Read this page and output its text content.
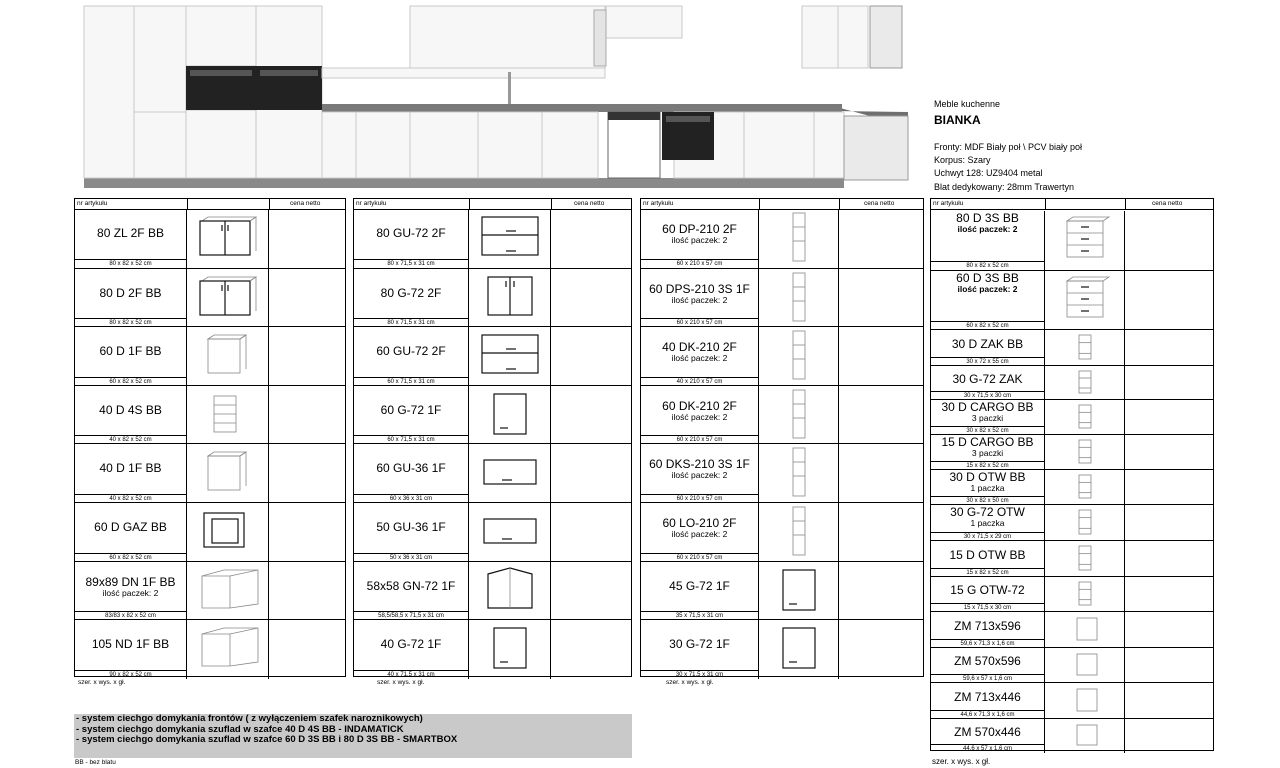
Meble kuchenne
BIANKA
Fronty: MDF Biały poł \ PCV biały poł
Korpus: Szary
Uchwyt 128: UZ9404 metal
Blat dedykowany: 28mm Trawertyn
nr artykułu	cena netto
80 ZL 2F BB
80 x 82 x 52 cm
80 D 2F BB
80 x 82 x 52 cm
60 D 1F BB
60 x 82 x 52 cm
40 D 4S BB
40 x 82 x 52 cm
40 D 1F BB
40 x 82 x 52 cm
60 D GAZ BB
60 x 82 x 52 cm
89x89 DN 1F BB
ilość paczek: 2
83/83 x 82 x 52 cm
105 ND 1F BB
90 x 82 x 52 cm
szer. x wys. x gł.
nr artykułu	cena netto
80 GU-72 2F
80 x 71,5 x 31 cm
80 G-72 2F
80 x 71,5 x 31 cm
60 GU-72 2F
60 x 71,5 x 31 cm
60 G-72 1F
60 x 71,5 x 31 cm
60 GU-36 1F
60 x 36 x 31 cm
50 GU-36 1F
50 x 36 x 31 cm
58x58 GN-72 1F
58,5/58,5 x 71,5 x 31 cm
40 G-72 1F
40 x 71,5 x 31 cm
szer. x wys. x gł.
nr artykułu	cena netto
60 DP-210 2F
ilość paczek: 2
60 x 210 x 57 cm
60 DPS-210 3S 1F
ilość paczek: 2
60 x 210 x 57 cm
40 DK-210 2F
ilość paczek: 2
40 x 210 x 57 cm
60 DK-210 2F
ilość paczek: 2
60 x 210 x 57 cm
60 DKS-210 3S 1F
ilość paczek: 2
60 x 210 x 57 cm
60 LO-210 2F
ilość paczek: 2
60 x 210 x 57 cm
45 G-72 1F
35 x 71,5 x 31 cm
30 G-72 1F
30 x 71,5 x 31 cm
szer. x wys. x gł.
nr artykułu	cena netto
80 D 3S BB
ilość paczek: 2
80 x 82 x 52 cm
60 D 3S BB
ilość paczek: 2
60 x 82 x 52 cm
30 D ZAK BB
30 x 72 x 55 cm
30 G-72 ZAK
30 x 71,5 x 30 cm
30 D CARGO BB
3 paczki
30 x 82 x 52 cm
15 D CARGO BB
3 paczki
15 x 82 x 52 cm
30 D OTW BB
1 paczka
30 x 82 x 50 cm
30 G-72 OTW
1 paczka
30 x 71,5 x 29 cm
15 D OTW BB
15 x 82 x 52 cm
15 G OTW-72
15 x 71,5 x 30 cm
ZM 713x596
59,6 x 71,3 x 1,6 cm
ZM 570x596
59,6 x 57 x 1,6 cm
ZM 713x446
44,6 x 71,3 x 1,6 cm
ZM 570x446
44,6 x 57 x 1,6 cm
szer. x wys. x gł.
- system ciechgo domykania frontów ( z wyłączeniem szafek naroznikowych)
- system ciechgo domykania szuflad w szafce 40 D 4S BB - INDAMATICK
- system ciechgo domykania szuflad w szafce 60 D 3S BB i 80 D 3S BB - SMARTBOX
BB - bez blatu
